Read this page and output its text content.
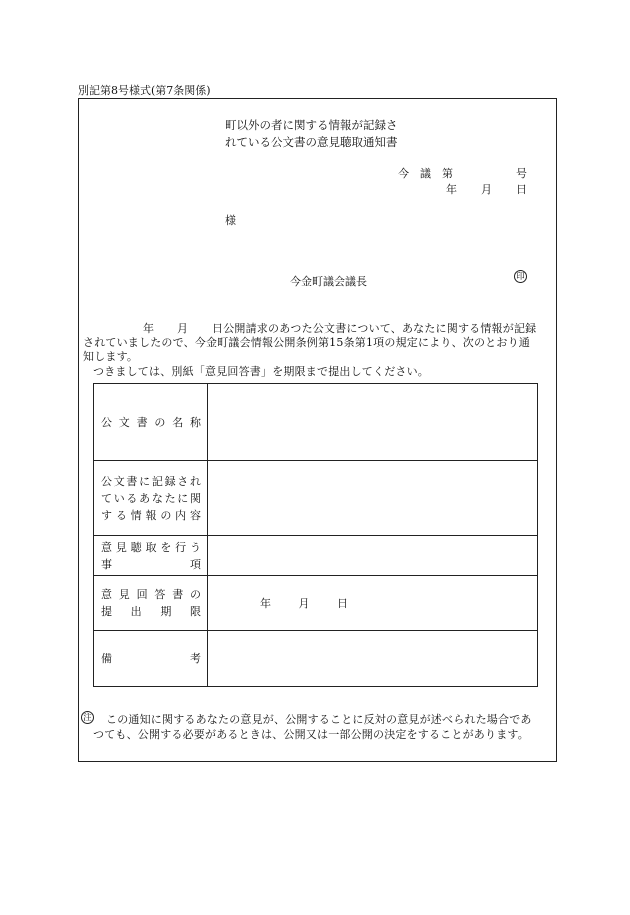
別記第8号様式(第7条関係)
町以外の者に関する情報が記録さ
れている公文書の意見聴取通知書
今　議　第	号
年 月 日
様
今金町議会議長	印
年 月 日公開請求のあつた公文書について、あなたに関する情報が記録
されていましたので、今金町議会情報公開条例第15条第1項の規定により、次のとおり通
知します。
つきましては、別紙「意見回答書」を期限まで提出してください。
公文書の名称	

公文書に記録され
ているあなたに関
する情報の内容	

意見聴取を行う
事項	

意見回答書の
提出期限	年 月 日

備考	

注 この通知に関するあなたの意見が、公開することに反対の意見が述べられた場合であ
つても、公開する必要があるときは、公開又は一部公開の決定をすることがあります。
